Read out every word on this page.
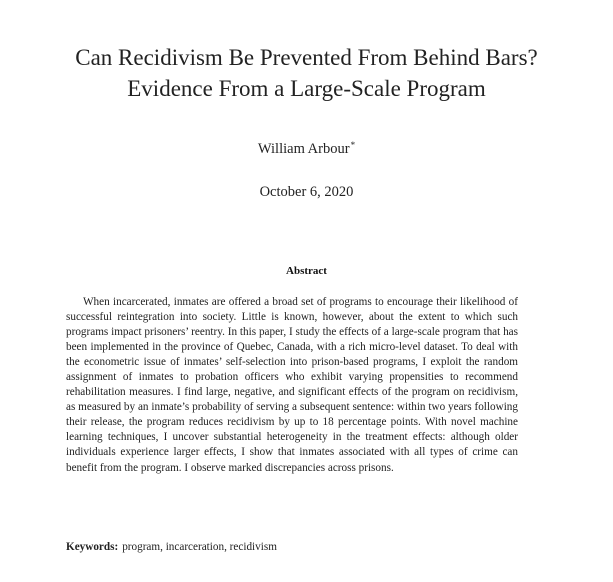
Can Recidivism Be Prevented From Behind Bars?
Evidence From a Large-Scale Program
William Arbour*
October 6, 2020
Abstract

When incarcerated, inmates are offered a broad set of programs to encourage their likelihood of successful reintegration into society. Little is known, however, about the extent to which such programs impact prisoners’ reentry. In this paper, I study the effects of a large-scale program that has been implemented in the province of Quebec, Canada, with a rich micro-level dataset. To deal with the econometric issue of inmates’ self-selection into prison-based programs, I exploit the random assignment of inmates to probation officers who exhibit varying propensities to recommend rehabilitation measures. I find large, negative, and significant effects of the program on recidivism, as measured by an inmate’s probability of serving a subsequent sentence: within two years following their release, the program reduces recidivism by up to 18 percentage points. With novel machine learning techniques, I uncover substantial heterogeneity in the treatment effects: although older individuals experience larger effects, I show that inmates associated with all types of crime can benefit from the program. I observe marked discrepancies across prisons.

Keywords: program, incarceration, recidivism
